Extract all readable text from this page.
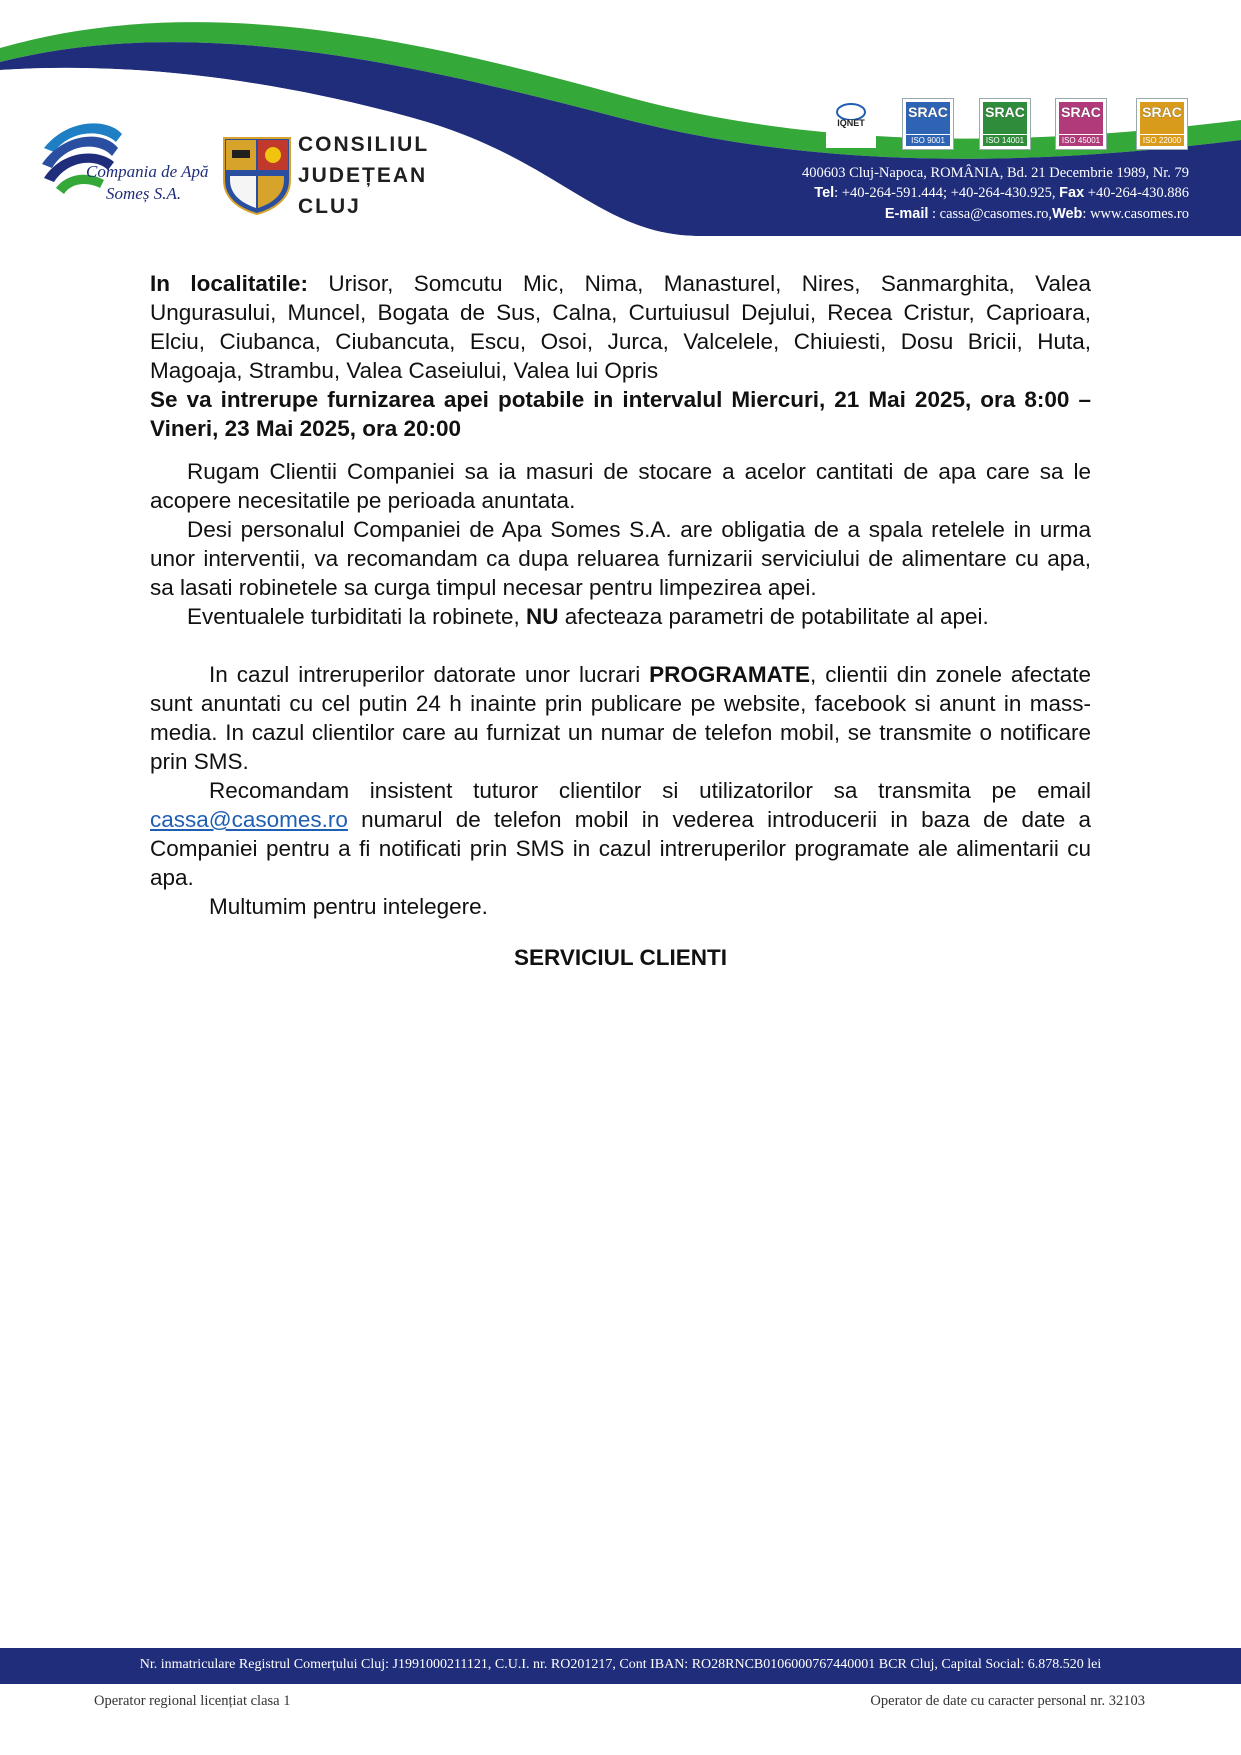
Compania de Apă
Someș S.A.
CONSILIUL
JUDEȚEAN
CLUJ
IQNET
SRAC
ISO 9001
SRAC
ISO 14001
SRAC
ISO 45001
SRAC
ISO 22000
400603 Cluj-Napoca, ROMÂNIA, Bd. 21 Decembrie 1989, Nr. 79
Tel: +40-264-591.444; +40-264-430.925, Fax +40-264-430.886
E-mail : cassa@casomes.ro,Web: www.casomes.ro

In localitatile: Urisor, Somcutu Mic, Nima, Manasturel, Nires, Sanmarghita, Valea Ungurasului, Muncel, Bogata de Sus, Calna, Curtuiusul Dejului, Recea Cristur, Caprioara, Elciu, Ciubanca, Ciubancuta, Escu, Osoi, Jurca, Valcelele, Chiuiesti, Dosu Bricii, Huta, Magoaja, Strambu, Valea Caseiului, Valea lui Opris

Se va intrerupe furnizarea apei potabile in intervalul Miercuri, 21 Mai 2025, ora 8:00 – Vineri, 23 Mai 2025, ora 20:00

Rugam Clientii Companiei sa ia masuri de stocare a acelor cantitati de apa care sa le acopere necesitatile pe perioada anuntata.

Desi personalul Companiei de Apa Somes S.A. are obligatia de a spala retelele in urma unor interventii, va recomandam ca dupa reluarea furnizarii serviciului de alimentare cu apa, sa lasati robinetele sa curga timpul necesar pentru limpezirea apei.

Eventualele turbiditati la robinete, NU afecteaza parametri de potabilitate al apei.

In cazul intreruperilor datorate unor lucrari PROGRAMATE, clientii din zonele afectate sunt anuntati cu cel putin 24 h inainte prin publicare pe website, facebook si anunt in mass-media. In cazul clientilor care au furnizat un numar de telefon mobil, se transmite o notificare prin SMS.

Recomandam insistent tuturor clientilor si utilizatorilor sa transmita pe email cassa@casomes.ro numarul de telefon mobil in vederea introducerii in baza de date a Companiei pentru a fi notificati prin SMS in cazul intreruperilor programate ale alimentarii cu apa.

Multumim pentru intelegere.

SERVICIUL CLIENTI
Nr. inmatriculare Registrul Comerțului Cluj: J1991000211121, C.U.I. nr. RO201217, Cont IBAN: RO28RNCB0106000767440001 BCR Cluj, Capital Social: 6.878.520 lei
Operator regional licențiat clasa 1	Operator de date cu caracter personal nr. 32103
